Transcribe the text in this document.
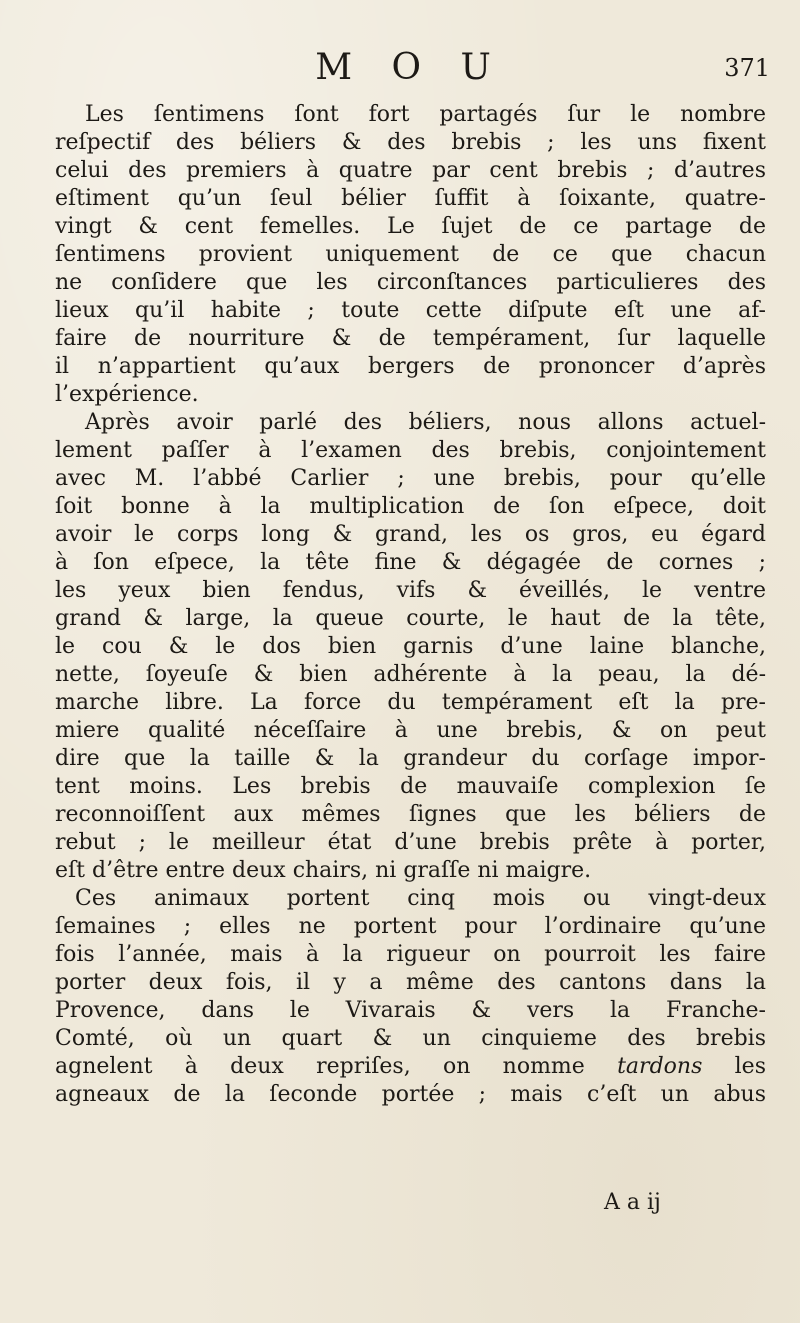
M O U	371
Les ſentimens ſont fort partagés ſur le nombre
reſpectif des béliers & des brebis ; les uns fixent
celui des premiers à quatre par cent brebis ; d’autres
eſtiment qu’un ſeul bélier ſuffit à ſoixante, quatre-
vingt & cent femelles. Le ſujet de ce partage de
ſentimens provient uniquement de ce que chacun
ne conſidere que les circonſtances particulieres des
lieux qu’il habite ; toute cette diſpute eſt une af-
faire de nourriture & de tempérament, ſur laquelle
il n’appartient qu’aux bergers de prononcer d’après
l’expérience.
Après avoir parlé des béliers, nous allons actuel-
lement paſſer à l’examen des brebis, conjointement
avec M. l’abbé Carlier ; une brebis, pour qu’elle
ſoit bonne à la multiplication de ſon eſpece, doit
avoir le corps long & grand, les os gros, eu égard
à ſon eſpece, la tête fine & dégagée de cornes ;
les yeux bien fendus, vifs & éveillés, le ventre
grand & large, la queue courte, le haut de la tête,
le cou & le dos bien garnis d’une laine blanche,
nette, ſoyeuſe & bien adhérente à la peau, la dé-
marche libre. La force du tempérament eſt la pre-
miere qualité néceſſaire à une brebis, & on peut
dire que la taille & la grandeur du corſage impor-
tent moins. Les brebis de mauvaiſe complexion ſe
reconnoiſſent aux mêmes ſignes que les béliers de
rebut ; le meilleur état d’une brebis prête à porter,
eſt d’être entre deux chairs, ni graſſe ni maigre.
Ces animaux portent cinq mois ou vingt-deux
ſemaines ; elles ne portent pour l’ordinaire qu’une
fois l’année, mais à la rigueur on pourroit les faire
porter deux fois, il y a même des cantons dans la
Provence, dans le Vivarais & vers la Franche-
Comté, où un quart & un cinquieme des brebis
agnelent à deux repriſes, on nomme tardons les
agneaux de la ſeconde portée ; mais c’eſt un abus
A a ij
